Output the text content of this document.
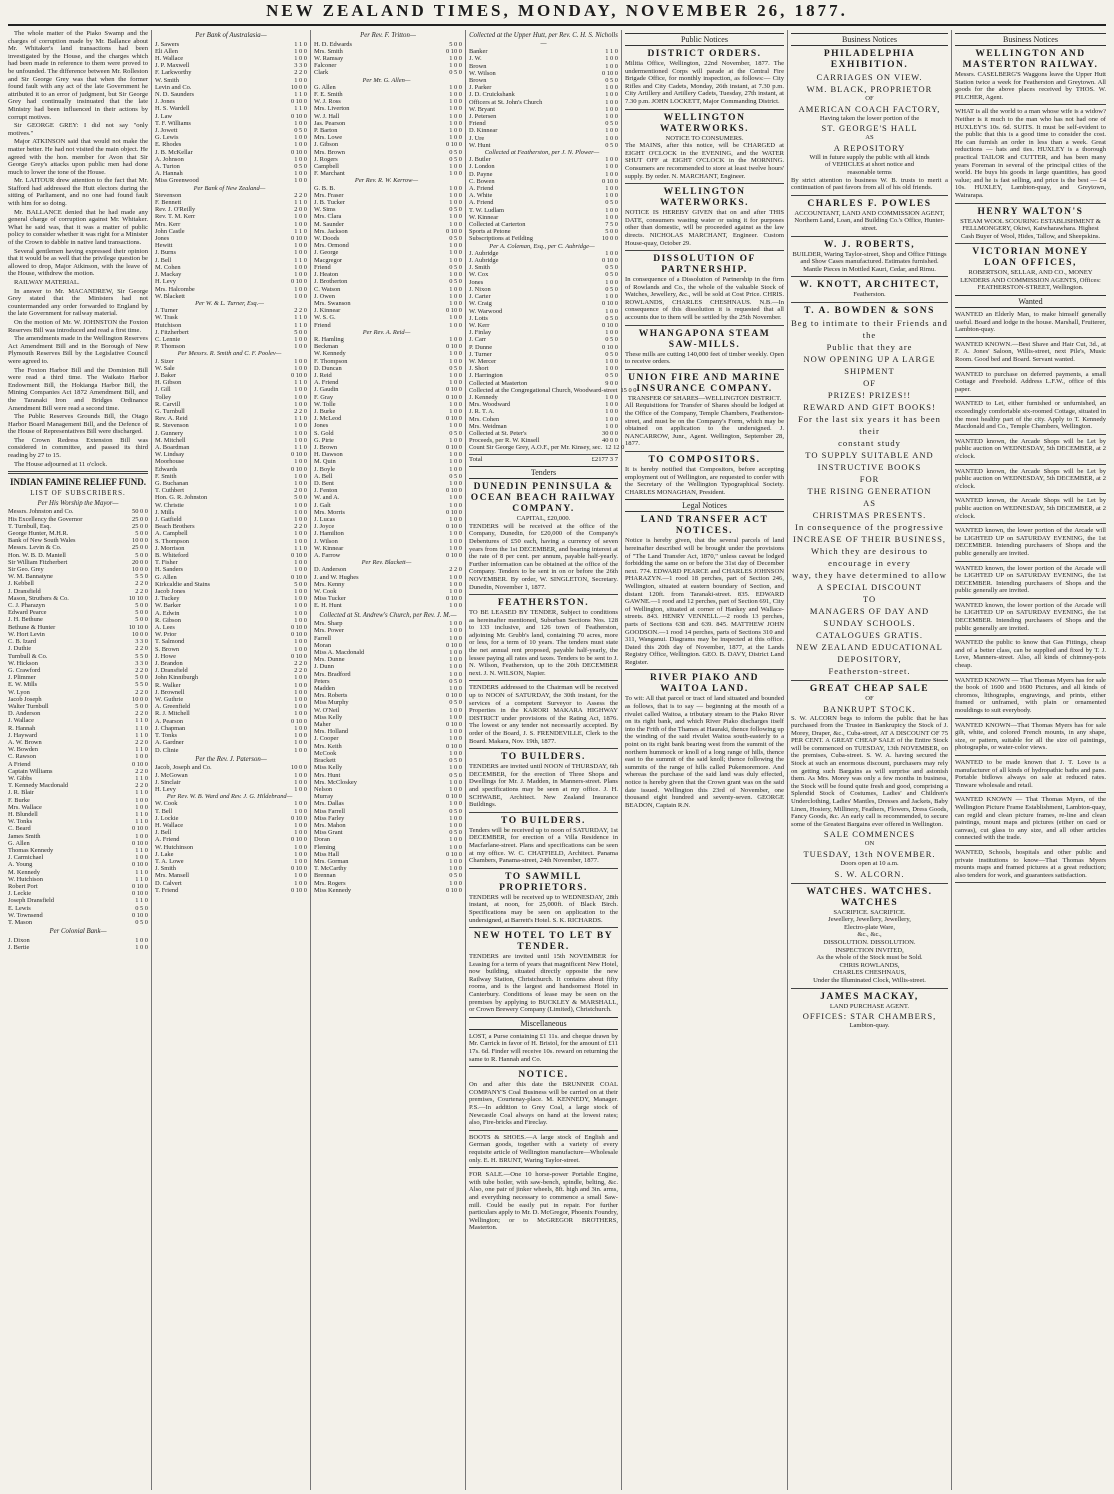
NEW ZEALAND TIMES, MONDAY, NOVEMBER 26, 1877.
The whole matter of the Piako Swamp and the charges of corruption made by Mr. Ballance about Mr. Whitaker's land transactions had been investigated by the House, and the charges which had been made in reference to them were proved to be unfounded. The difference between Mr. Rolleston and Sir George Grey was that when the former found fault with any act of the late Government he attributed it to an error of judgment, but Sir George Grey had continually insinuated that the late Ministry had been influenced in their actions by corrupt motives.
Sir GEORGE GREY: I did not say "only motives."
Major ATKINSON said that would not make the matter better. He had not visited the main object. He agreed with the hon. member for Avon that Sir George Grey's attacks upon public men had done much to lower the tone of the House.
Mr. LAITOUR drew attention to the fact that Mr. Stafford had addressed the Hutt electors during the sitting of Parliament, and no one had found fault with him for so doing.
Mr. BALLANCE denied that he had made any general charge of corruption against Mr. Whitaker. What he said was, that it was a matter of public policy to consider whether it was right for a Minister of the Crown to dabble in native land transactions.
Several gentlemen having expressed their opinion that it would be as well that the privilege question be allowed to drop, Major Atkinson, with the leave of the House, withdrew the motion.
RAILWAY MATERIAL.
In answer to Mr. MACANDREW, Sir George Grey stated that the Ministers had not countermanded any order forwarded to England by the late Government for railway material.
On the motion of Mr. W. JOHNSTON the Foxton Reserves Bill was introduced and read a first time.
The amendments made in the Wellington Reserves Act Amendment Bill and in the Borough of New Plymouth Reserves Bill by the Legislative Council were agreed to.
The Foxton Harbor Bill and the Dominion Bill were read a third time. The Waikato Harbor Endowment Bill, the Hokianga Harbor Bill, the Mining Companies Act 1872 Amendment Bill, and the Taranaki Iron and Bridges Ordinance Amendment Bill were read a second time.
The Public Reserves Grounds Bill, the Otago Harbor Board Management Bill, and the Defence of the House of Representatives Bill were discharged.
The Crown Redress Extension Bill was considered in committee, and passed its third reading by 27 to 15.
The House adjourned at 11 o'clock.
INDIAN FAMINE RELIEF FUND.
LIST OF SUBSCRIBERS.
Per His Worship the Mayor—
Messrs. Johnston and Co.	50 0 0
His Excellency the Governor	25 0 0
T. Turnbull, Esq.	25 0 0
George Hunter, M.H.R.	5 0 0
Bank of New South Wales	10 0 0
Messrs. Levin & Co.	25 0 0
Hon. W. B. D. Mantell	5 0 0
Sir William Fitzherbert	20 0 0
Sir Geo. Grey	10 0 0
W. M. Bannatyne	5 5 0
J. Kebbell	2 2 0
J. Dransfield	2 2 0
Mason, Struthers & Co.	10 10 0
C. J. Pharazyn	5 0 0
Edward Pearce	5 0 0
J. H. Bethune	5 0 0
Bethune & Hunter	10 10 0
W. Hort Levin	10 0 0
C. B. Izard	3 3 0
J. Duthie	2 2 0
Turnbull & Co.	5 5 0
W. Hickson	3 3 0
G. Crawford	2 2 0
J. Plimmer	5 0 0
E. W. Mills	5 5 0
W. Lyon	2 2 0
Jacob Joseph	10 0 0
Walter Turnbull	5 0 0
D. Anderson	2 2 0
J. Wallace	1 1 0
R. Hannah	1 1 0
J. Hayward	1 1 0
A. W. Brown	2 2 0
W. Bowden	1 1 0
C. Rawson	1 0 0
A Friend	0 10 0
Captain Williams	2 2 0
W. Gibbs	1 1 0
T. Kennedy Macdonald	2 2 0
J. R. Blair	1 1 0
F. Burke	1 0 0
Mrs. Wallace	1 0 0
H. Blundell	1 1 0
W. Tonks	1 1 0
C. Beard	0 10 0
James Smith	1 0 0
G. Allen	0 10 0
Thomas Kennedy	1 1 0
J. Carmichael	1 0 0
A. Young	0 10 0
M. Kennedy	1 1 0
W. Hutchison	1 1 0
Robert Port	0 10 0
J. Leckie	0 10 0
Joseph Dransfield	1 1 0
E. Lewis	0 5 0
W. Townsend	0 10 0
T. Mason	0 5 0
Per Colonial Bank—
J. Dixon	1 0 0
J. Bertie	1 0 0
Per Bank of Australasia—
J. Sawers	1 1 0
Eli Allen	1 0 0
H. Wallace	1 0 0
J. P. Maxwell	3 3 0
F. Larkworthy	2 2 0
W. Smith	1 0 0
Levin and Co.	10 0 0
N. D. Saunders	1 1 0
J. Jones	0 10 0
H. S. Wardell	1 1 0
J. Law	0 10 0
T. F. Williams	1 0 0
J. Jowett	0 5 0
G. Lewis	1 0 0
E. Rhodes	1 0 0
J. B. McKellar	0 10 0
A. Johnson	1 0 0
A. Turton	0 5 0
A. Hannah	1 0 0
Miss Greenwood	1 0 0
Per Bank of New Zealand—
Stevenson	2 2 0
F. Bennett	1 1 0
Rev. J. O'Reilly	2 0 0
Rev. T. M. Kerr	1 0 0
Mrs. Kerr	1 0 0
John Castle	1 1 0
Jones	0 10 0
Hewitt	1 0 0
J. Burns	1 0 0
J. Bell	1 1 0
M. Cohen	1 0 0
J. Mackay	1 0 0
H. Levy	0 10 0
Mrs. Halcombe	1 0 0
W. Blackett	1 0 0
Per W. & L. Turner, Esq.—
J. Turner	2 2 0
W. Trask	1 1 0
Hutchison	1 1 0
J. Fitzherbert	5 0 0
C. Lennie	1 0 0
P. Thomson	1 0 0
Per Messrs. R. Smith and C. F. Poolev—
J. Sizer	1 0 0
W. Sale	1 0 0
J. Baker	0 10 0
H. Gibson	1 1 0
J. Gill	1 0 0
Tolley	1 0 0
R. Carvill	1 0 0
G. Turnbull	2 2 0
Rev. A. Reid	1 1 0
R. Stevenson	1 0 0
J. Gunnery	1 0 0
M. Mitchell	1 0 0
A. Boardman	1 1 0
W. Lindsay	0 10 0
Moorhouse	1 0 0
Edwards	0 10 0
F. Smith	1 0 0
G. Buchanan	1 0 0
T. Cuthbert	2 0 0
Hon. G. R. Johnston	5 0 0
W. Christie	1 0 0
J. Mills	1 0 0
J. Gatfield	1 0 0
Beach Brothers	2 2 0
A. Campbell	1 0 0
S. Thompson	1 0 0
J. Morrison	1 1 0
B. Whiteford	0 10 0
T. Fisher	1 0 0
H. Sanders	1 0 0
G. Allen	0 10 0
Kirkcaldie and Stains	5 0 0
Jacob Jones	1 0 0
J. Tuckey	1 0 0
W. Barker	1 0 0
A. Edwin	1 0 0
R. Gibson	1 0 0
A. Lees	0 10 0
W. Prior	0 10 0
T. Salmond	1 0 0
S. Brown	1 0 0
J. Howe	0 10 0
J. Brandon	2 2 0
J. Dransfield	2 2 0
John Kinniburgh	1 0 0
R. Walker	1 0 0
J. Brownell	1 0 0
W. Guthrie	1 0 0
A. Greenfield	1 0 0
R. J. Mitchell	1 0 0
A. Pearson	0 10 0
J. Chapman	1 0 0
T. Tonks	1 0 0
A. Gardner	1 0 0
D. Clinie	1 0 0
Per the Rev. J. Paterson—
Jacob, Joseph and Co.	10 0 0
J. McGowan	1 0 0
J. Sinclair	1 0 0
H. Levy	1 0 0
Per Rev. W. B. Ward and Rev. J. G. Hildebrand—
W. Cook	1 0 0
T. Bell	1 0 0
J. Lockie	0 10 0
H. Wallace	1 0 0
J. Bell	1 0 0
A. Friend	0 10 0
W. Hutchinson	1 0 0
J. Lake	1 0 0
T. A. Lowe	1 0 0
J. Smith	0 10 0
Mrs. Mansell	1 0 0
D. Calvert	1 0 0
T. Friend	0 10 0
Per Rev. F. Tritton—
H. D. Edwards	5 0 0
Mrs. Smith	0 10 0
W. Ramsay	1 0 0
Falconer	1 0 0
Clark	0 5 0
Per Mr. G. Allen—
G. Allen	1 0 0
F. E. Smith	1 0 0
W. J. Ross	1 0 0
Mrs. Liverton	1 0 0
W. J. Hall	1 0 0
Jas. Pearson	1 0 0
P. Barton	1 0 0
Mrs. Lowe	1 0 0
J. Gibson	0 10 0
Mrs. Brown	0 5 0
J. Rogers	0 5 0
Campbell	1 0 0
F. Marchant	1 0 0
Per Rev. R. W. Kerrow—
G. B. B.	1 0 0
Mrs. Fraser	1 0 0
J. B. Tucker	1 0 0
W. Sims	0 5 0
Mrs. Clara	1 0 0
M. Saunder	1 0 0
Mrs. Jackson	0 10 0
W. Doods	0 5 0
Mrs. Ormond	1 0 0
J. George	1 0 0
Macgregor	1 0 0
Friend	0 5 0
J. Heaton	1 0 0
J. Brotherton	0 5 0
C. Watson	1 0 0
J. Owen	1 0 0
Mrs. Swanson	1 0 0
J. Kinnear	0 10 0
W. S. G.	1 0 0
Friend	1 0 0
Per Rev. A. Reid—
R. Hamling	1 0 0
Beckman	0 10 0
W. Kennedy	1 0 0
F. Thompson	1 0 0
D. Duncan	0 5 0
J. Reid	1 0 0
A. Friend	1 0 0
J. Gaudin	0 10 0
F. Gray	0 10 0
W. Tolle	1 0 0
J. Burke	1 0 0
J. McLeod	0 10 0
Jones	1 0 0
S. Gold	0 5 0
G. Pirie	1 0 0
J. Brown	0 10 0
H. Dawson	1 0 0
M. Quin	1 0 0
J. Boyle	1 0 0
A. Bell	0 5 0
D. Bent	1 0 0
J. Fenton	0 10 0
W. and A.	1 0 0
J. Galt	1 0 0
Mrs. Morris	0 10 0
J. Lucas	1 0 0
J. Joyce	0 10 0
J. Hamilton	1 0 0
J. Wilson	1 0 0
W. Kinnear	1 0 0
A. Farrow	0 10 0
Per Rev. Blackett—
D. Anderson	2 2 0
J. and W. Hughes	1 0 0
Mrs. Kenny	1 0 0
W. Cook	1 0 0
Miss Tucker	0 10 0
E. H. Hunt	1 0 0
Collected at St. Andrew's Church, per Rev. J. M.—
Mrs. Sharp	1 0 0
Mrs. Power	1 0 0
Farrell	1 0 0
Moran	0 10 0
Miss A. Macdonald	1 0 0
Mrs. Dunne	1 0 0
J. Dunn	1 0 0
Mrs. Bradford	1 0 0
Peters	0 5 0
Madden	1 0 0
Mrs. Roberts	0 10 0
Miss Murphy	0 5 0
W. O'Neil	1 0 0
Miss Kelly	1 0 0
Maher	0 10 0
Mrs. Holland	1 0 0
J. Cooper	1 0 0
Mrs. Keith	0 10 0
McCook	1 0 0
Brackett	0 5 0
Miss Kelly	1 0 0
Mrs. Hunt	0 5 0
Mrs. McCloskey	1 0 0
Nelson	1 0 0
Murray	0 10 0
Mrs. Dallas	1 0 0
Miss Farrell	0 5 0
Miss Farley	1 0 0
Mrs. Mahon	1 0 0
Miss Grant	0 5 0
Doran	1 0 0
Fleming	1 0 0
Miss Hall	0 10 0
Mrs. Gorman	1 0 0
T. McCarthy	1 0 0
Brennan	0 5 0
Mrs. Rogers	1 0 0
Miss Kennedy	0 10 0
Collected at the Upper Hutt, per Rev. C. H. S. Nicholls—
Banker	1 1 0
J. W.	1 0 0
Brown	1 0 0
W. Wilson	0 10 0
Brown	0 5 0
J. Parker	1 0 0
J. D. Cruickshank	1 0 0
Officers at St. John's Church	1 0 0
W. Bryant	1 0 0
J. Petersen	1 0 0
Friend	0 5 0
D. Kinnear	1 0 0
J. Ure	1 0 0
W. Hunt	0 5 0
Collected at Featherston, per J. N. Plower—
J. Butler	1 0 0
J. London	1 0 0
D. Payne	1 0 0
C. Bowen	0 10 0
A. Friend	1 0 0
A. White	1 0 0
A. Friend	0 5 0
T. W. Ludlam	1 0 0
W. Kinnear	1 0 0
Collected at Carterton	7 5 0
Sports at Petone	5 0 0
Subscriptions at Feilding	10 0 0
Per A. Coleman, Esq., per C. Aubridge—
J. Aubridge	1 0 0
J. Aubridge	0 10 0
J. Smith	0 5 0
W. Cox	0 5 0
Jones	1 0 0
J. Nixon	0 5 0
J. Carter	1 0 0
W. Craig	0 10 0
W. Warwood	1 0 0
J. Lotts	0 5 0
W. Kerr	0 10 0
J. Finlay	1 0 0
J. Carr	0 5 0
P. Dunne	0 10 0
J. Turner	0 5 0
W. Mercer	1 0 0
J. Short	1 0 0
J. Harrington	0 5 0
Collected at Masterton	9 0 0
Collected at the Congregational Church, Woodward-street 15 0 0
J. Kennedy	1 0 0
Mrs. Woodward	1 0 0
J. R. T. A.	1 0 0
Mrs. Cohen	1 0 0
Mrs. Weidman	1 0 0
Collected at St. Peter's	30 0 0
Proceeds, per R. W. Kinsell	40 0 0
Count Sir George Grey, A.O.F., per Mr. Kinsey, sec. 12 12 0
Total	£2177 3 7
Tenders
DUNEDIN PENINSULA & OCEAN BEACH RAILWAY COMPANY.
CAPITAL, £20,000.
TENDERS will be received at the office of the Company, Dunedin, for £20,000 of the Company's Debentures of £50 each, having a currency of seven years from the 1st DECEMBER, and bearing interest at the rate of 8 per cent. per annum, payable half-yearly. Further information can be obtained at the office of the Company. Tenders to be sent in on or before the 26th NOVEMBER. By order, W. SINGLETON, Secretary. Dunedin, November 1, 1877.
FEATHERSTON.
TO BE LEASED BY TENDER, Subject to conditions as hereinafter mentioned, Suburban Sections Nos. 128 to 133 inclusive, and 126 town of Featherston, adjoining Mr. Grubb's land, containing 70 acres, more or less, for a term of 10 years. The tenders must state the net annual rent proposed, payable half-yearly, the lessee paying all rates and taxes. Tenders to be sent to J. N. Wilson, Featherston, up to the 20th DECEMBER next. J. N. WILSON, Napier.
TENDERS addressed to the Chairman will be received up to NOON of SATURDAY, the 30th instant, for the services of a competent Surveyor to Assess the Properties in the KARORI MAKARA HIGHWAY DISTRICT under provisions of the Rating Act, 1876. The lowest or any tender not necessarily accepted. By order of the Board, J. S. FRENDEVILLE, Clerk to the Board. Makara, Nov. 19th, 1877.
TO BUILDERS.
TENDERS are invited until NOON of THURSDAY, 6th DECEMBER, for the erection of Three Shops and Dwellings for Mr. J. Madden, in Manners-street. Plans and specifications may be seen at my office. J. H. SCHWABE, Architect. New Zealand Insurance Buildings.
TO BUILDERS.
Tenders will be received up to noon of SATURDAY, 1st DECEMBER, for erection of a Villa Residence in Macfarlane-street. Plans and specifications can be seen at my office. W. C. CHATFIELD, Architect. Panama Chambers, Panama-street, 24th November, 1877.
TO SAWMILL PROPRIETORS.
TENDERS will be received up to WEDNESDAY, 28th instant, at noon, for 25,000ft. of Black Birch. Specifications may be seen on application to the undersigned, at Barrett's Hotel. S. K. RICHARDS.
NEW HOTEL TO LET BY TENDER.
TENDERS are invited until 15th NOVEMBER for Leasing for a term of years that magnificent New Hotel, now building, situated directly opposite the new Railway Station, Christchurch. It contains about fifty rooms, and is the largest and handsomest Hotel in Canterbury. Conditions of lease may be seen on the premises by applying to BUCKLEY & MARSHALL, or Crown Brewery Company (Limited), Christchurch.
Miscellaneous
LOST, a Purse containing £1 11s. and cheque drawn by Mr. Carrick in favor of H. Bristol, for the amount of £11 17s. 6d. Finder will receive 10s. reward on returning the same to R. Hannah and Co.
NOTICE.
On and after this date the BRUNNER COAL COMPANY'S Coal Business will be carried on at their premises, Courtenay-place. M. KENNEDY, Manager. P.S.—In addition to Grey Coal, a large stock of Newcastle Coal always on hand at the lowest rates; also, Fire-bricks and Fireclay.
BOOTS & SHOES.—A large stock of English and German goods, together with a variety of every requisite article of Wellington manufacture—Wholesale only. E. H. BRUNT, Waring Taylor-street.
FOR SALE.—One 10 horse-power Portable Engine, with tube boiler, with saw-bench, spindle, belting, &c. Also, one pair of jinker wheels, 8ft. high and 3in. arms, and everything necessary to commence a small Saw-mill. Could be easily put in repair. For further particulars apply to Mr. D. McGregor, Phoenix Foundry, Wellington; or to McGREGOR BROTHERS, Masterton.
Public Notices
DISTRICT ORDERS.
Militia Office, Wellington, 22nd November, 1877. The undermentioned Corps will parade at the Central Fire Brigade Office, for monthly inspection, as follows:— City Rifles and City Cadets, Monday, 26th instant, at 7.30 p.m. City Artillery and Artillery Cadets, Tuesday, 27th instant, at 7.30 p.m. JOHN LOCKETT, Major Commanding District.
WELLINGTON WATERWORKS.
NOTICE TO CONSUMERS.
The MAINS, after this notice, will be CHARGED at EIGHT O'CLOCK in the EVENING, and the WATER SHUT OFF at EIGHT O'CLOCK in the MORNING. Consumers are recommended to store at least twelve hours' supply. By order. N. MARCHANT, Engineer.
WELLINGTON WATERWORKS.
NOTICE IS HEREBY GIVEN that on and after THIS DATE, consumers wasting water or using it for purposes other than domestic, will be proceeded against as the law directs. NICHOLAS MARCHANT, Engineer. Custom House-quay, October 29.
DISSOLUTION OF PARTNERSHIP.
In consequence of a Dissolution of Partnership in the firm of Rowlands and Co., the whole of the valuable Stock of Watches, Jewellery, &c., will be sold at Cost Price. CHRIS. ROWLANDS, CHARLES CHESHNAUS. N.B.—In consequence of this dissolution it is requested that all accounts due to them will be settled by the 25th November.
WHANGAPONA STEAM SAW-MILLS.
These mills are cutting 140,000 feet of timber weekly. Open to receive orders.
UNION FIRE AND MARINE INSURANCE COMPANY.
TRANSFER OF SHARES—WELLINGTON DISTRICT.
All Requisitions for Transfer of Shares should be lodged at the Office of the Company, Temple Chambers, Featherston-street, and must be on the Company's Form, which may be obtained on application to the undersigned. J. NANCARROW, Junr., Agent. Wellington, September 28, 1877.
TO COMPOSITORS.
It is hereby notified that Compositors, before accepting employment out of Wellington, are requested to confer with the Secretary of the Wellington Typographical Society. CHARLES MONAGHAN, President.
Legal Notices
LAND TRANSFER ACT NOTICES.
Notice is hereby given, that the several parcels of land hereinafter described will be brought under the provisions of "The Land Transfer Act, 1870," unless caveat be lodged forbidding the same on or before the 31st day of December next. 774. EDWARD PEARCE and CHARLES JOHNSON PHARAZYN.—1 rood 18 perches, part of Section 246, Wellington, situated at eastern boundary of Section, and distant 120ft. from Taranaki-street. 835. EDWARD GAWNE.—1 rood and 12 perches, part of Section 691, City of Wellington, situated at corner of Hankey and Wallace-streets. 843. HENRY VENNELL.—2 roods 13 perches, parts of Sections 638 and 639. 845. MATTHEW JOHN GOODSON.—1 rood 14 perches, parts of Sections 310 and 311, Wanganui. Diagrams may be inspected at this office. Dated this 20th day of November, 1877, at the Lands Registry Office, Wellington. GEO. B. DAVY, District Land Register.
RIVER PIAKO AND WAITOA LAND.
To wit: All that parcel or tract of land situated and bounded as follows, that is to say — beginning at the mouth of a rivulet called Waitoa, a tributary stream to the Piako River on its right bank, and which River Piako discharges itself into the Frith of the Thames at Hauraki, thence following up the winding of the said rivulet Waitoa south-easterly to a point on its right bank bearing west from the summit of the northern hummock or knoll of a long range of hills, thence east to the summit of the said knoll; thence following the summits of the range of hills called Pukemoremore. And whereas the purchase of the said land was duly effected, notice is hereby given that the Crown grant was on the said date issued. Wellington this 23rd of November, one thousand eight hundred and seventy-seven. GEORGE BEADON, Captain R.N.
Business Notices
PHILADELPHIA EXHIBITION.
CARRIAGES ON VIEW.
WM. BLACK, PROPRIETOR
OF
AMERICAN COACH FACTORY,
Having taken the lower portion of the
ST. GEORGE'S HALL
AS
A REPOSITORY
Will in future supply the public with all kinds
of VEHICLES at short notice and
reasonable terms
By strict attention to business W. B. trusts to merit a continuation of past favors from all of his old friends.
CHARLES F. POWLES
ACCOUNTANT, LAND AND COMMISSION AGENT, Northern Land, Loan, and Building Co.'s Office, Hunter-street.
W. J. ROBERTS,
BUILDER, Waring Taylor-street, Shop and Office Fittings and Show Cases manufactured. Estimates furnished. Mantle Pieces in Mottled Kauri, Cedar, and Rimu.
W. KNOTT, ARCHITECT,
Featherston.
T. A. BOWDEN & SONS
Beg to intimate to their Friends and the
Public that they are
NOW OPENING UP A LARGE
SHIPMENT
OF
PRIZES! PRIZES!!
REWARD AND GIFT BOOKS!
For the last six years it has been their
constant study
TO SUPPLY SUITABLE AND
INSTRUCTIVE BOOKS
FOR
THE RISING GENERATION
AS
CHRISTMAS PRESENTS.
In consequence of the progressive
INCREASE OF THEIR BUSINESS,
Which they are desirous to encourage in every
way, they have determined to allow
A SPECIAL DISCOUNT
TO
MANAGERS OF DAY AND
SUNDAY SCHOOLS.
CATALOGUES GRATIS.
NEW ZEALAND EDUCATIONAL
DEPOSITORY,
Featherston-street.
GREAT CHEAP SALE
OF
BANKRUPT STOCK.
S. W. ALCORN begs to inform the public that he has purchased from the Trustee in Bankruptcy the Stock of J. Morey, Draper, &c., Cuba-street, AT A DISCOUNT OF 75 PER CENT. A GREAT CHEAP SALE of the Entire Stock will be commenced on TUESDAY, 13th NOVEMBER, on the premises, Cuba-street. S. W. A. having secured the Stock at such an enormous discount, purchasers may rely on getting such Bargains as will surprise and astonish them. As Mrs. Morey was only a few months in business, the Stock will be found quite fresh and good, comprising a Splendid Stock of Costumes, Ladies' and Children's Underclothing, Ladies' Mantles, Dresses and Jackets, Baby Linen, Hosiery, Millinery, Feathers, Flowers, Dress Goods, Fancy Goods, &c. An early call is recommended, to secure some of the Greatest Bargains ever offered in Wellington.
SALE COMMENCES
ON
TUESDAY, 13th NOVEMBER.
Doors open at 10 a.m.
S. W. ALCORN.
WATCHES. WATCHES. WATCHES
SACRIFICE. SACRIFICE.
Jewellery, Jewellery, Jewellery,
Electro-plate Ware,
&c., &c.,
DISSOLUTION. DISSOLUTION.
INSPECTION INVITED,
As the whole of the Stock must be Sold.
CHRIS ROWLANDS,
CHARLES CHESHNAUS,
Under the Illuminated Clock, Willis-street.
JAMES MACKAY,
LAND PURCHASE AGENT.
OFFICES: STAR CHAMBERS,
Lambton-quay.
Business Notices
WELLINGTON AND MASTERTON RAILWAY.
Messrs. CASELBERG'S Waggons leave the Upper Hutt Station twice a week for Featherston and Greytown. All goods for the above places received by THOS. W. PILCHER, Agent.
WHAT is all the world to a man whose wife is a widow? Neither is it much to the man who has not had one of HUXLEY'S 10s. 6d. SUITS. It must be self-evident to the public that this is a good time to consider the cost. He can furnish an order in less than a week. Great reductions — hats and ties. HUXLEY is a thorough practical TAILOR and CUTTER, and has been many years Foreman in several of the principal cities of the world. He buys his goods in large quantities, has good value; and he is fast selling, and price is the best — £4 10s. HUXLEY, Lambton-quay, and Greytown, Wairarapa.
HENRY WALTON'S
STEAM WOOL SCOURING ESTABLISHMENT & FELLMONGERY, Okiwi, Kaiwharawhara. Highest Cash Buyer of Wool, Hides, Tallow, and Sheepskins.
VICTORIAN MONEY LOAN OFFICES,
ROBERTSON, SELLAR, AND CO., MONEY LENDERS AND COMMISSION AGENTS, Offices: FEATHERSTON-STREET, Wellington.
Wanted
WANTED an Elderly Man, to make himself generally useful. Board and lodge in the house. Marshall, Fruiterer, Lambton-quay.
WANTED KNOWN.—Best Shave and Hair Cut, 3d., at F. A. Jones' Saloon, Willis-street, next Pile's, Music Room. Good bed and Board. Servant wanted.
WANTED to purchase on deferred payments, a small Cottage and Freehold. Address L.F.W., office of this paper.
WANTED to Let, either furnished or unfurnished, an exceedingly comfortable six-roomed Cottage, situated in the most healthy part of the city. Apply to T. Kennedy Macdonald and Co., Temple Chambers, Wellington.
WANTED known, the Arcade Shops will be Let by public auction on WEDNESDAY, 5th DECEMBER, at 2 o'clock.
WANTED known, the Arcade Shops will be Let by public auction on WEDNESDAY, 5th DECEMBER, at 2 o'clock.
WANTED known, the Arcade Shops will be Let by public auction on WEDNESDAY, 5th DECEMBER, at 2 o'clock.
WANTED known, the lower portion of the Arcade will be LIGHTED UP on SATURDAY EVENING, the 1st DECEMBER. Intending purchasers of Shops and the public generally are invited.
WANTED known, the lower portion of the Arcade will be LIGHTED UP on SATURDAY EVENING, the 1st DECEMBER. Intending purchasers of Shops and the public generally are invited.
WANTED known, the lower portion of the Arcade will be LIGHTED UP on SATURDAY EVENING, the 1st DECEMBER. Intending purchasers of Shops and the public generally are invited.
WANTED the public to know that Gas Fittings, cheap and of a better class, can be supplied and fixed by T. J. Love, Manners-street. Also, all kinds of chimney-pots cheap.
WANTED KNOWN — That Thomas Myers has for sale the book of 1600 and 1600 Pictures, and all kinds of chromos, lithographs, engravings, and prints, either framed or unframed, with plain or ornamented mouldings to suit everybody.
WANTED KNOWN—That Thomas Myers has for sale gilt, white, and colored French mounts, in any shape, size, or pattern, suitable for all the size oil paintings, photographs, or water-color views.
WANTED to be made known that J. T. Love is a manufacturer of all kinds of hydropathic baths and pans. Portable bidlows always on sale at reduced rates. Tinware wholesale and retail.
WANTED KNOWN — That Thomas Myers, of the Wellington Picture Frame Establishment, Lambton-quay, can regild and clean picture frames, re-line and clean paintings, mount maps and pictures (either on card or canvas), cut glass to any size, and all other articles connected with the trade.
WANTED, Schools, hospitals and other public and private institutions to know—That Thomas Myers mounts maps and framed pictures at a great reduction; also tenders for work, and guarantees satisfaction.
